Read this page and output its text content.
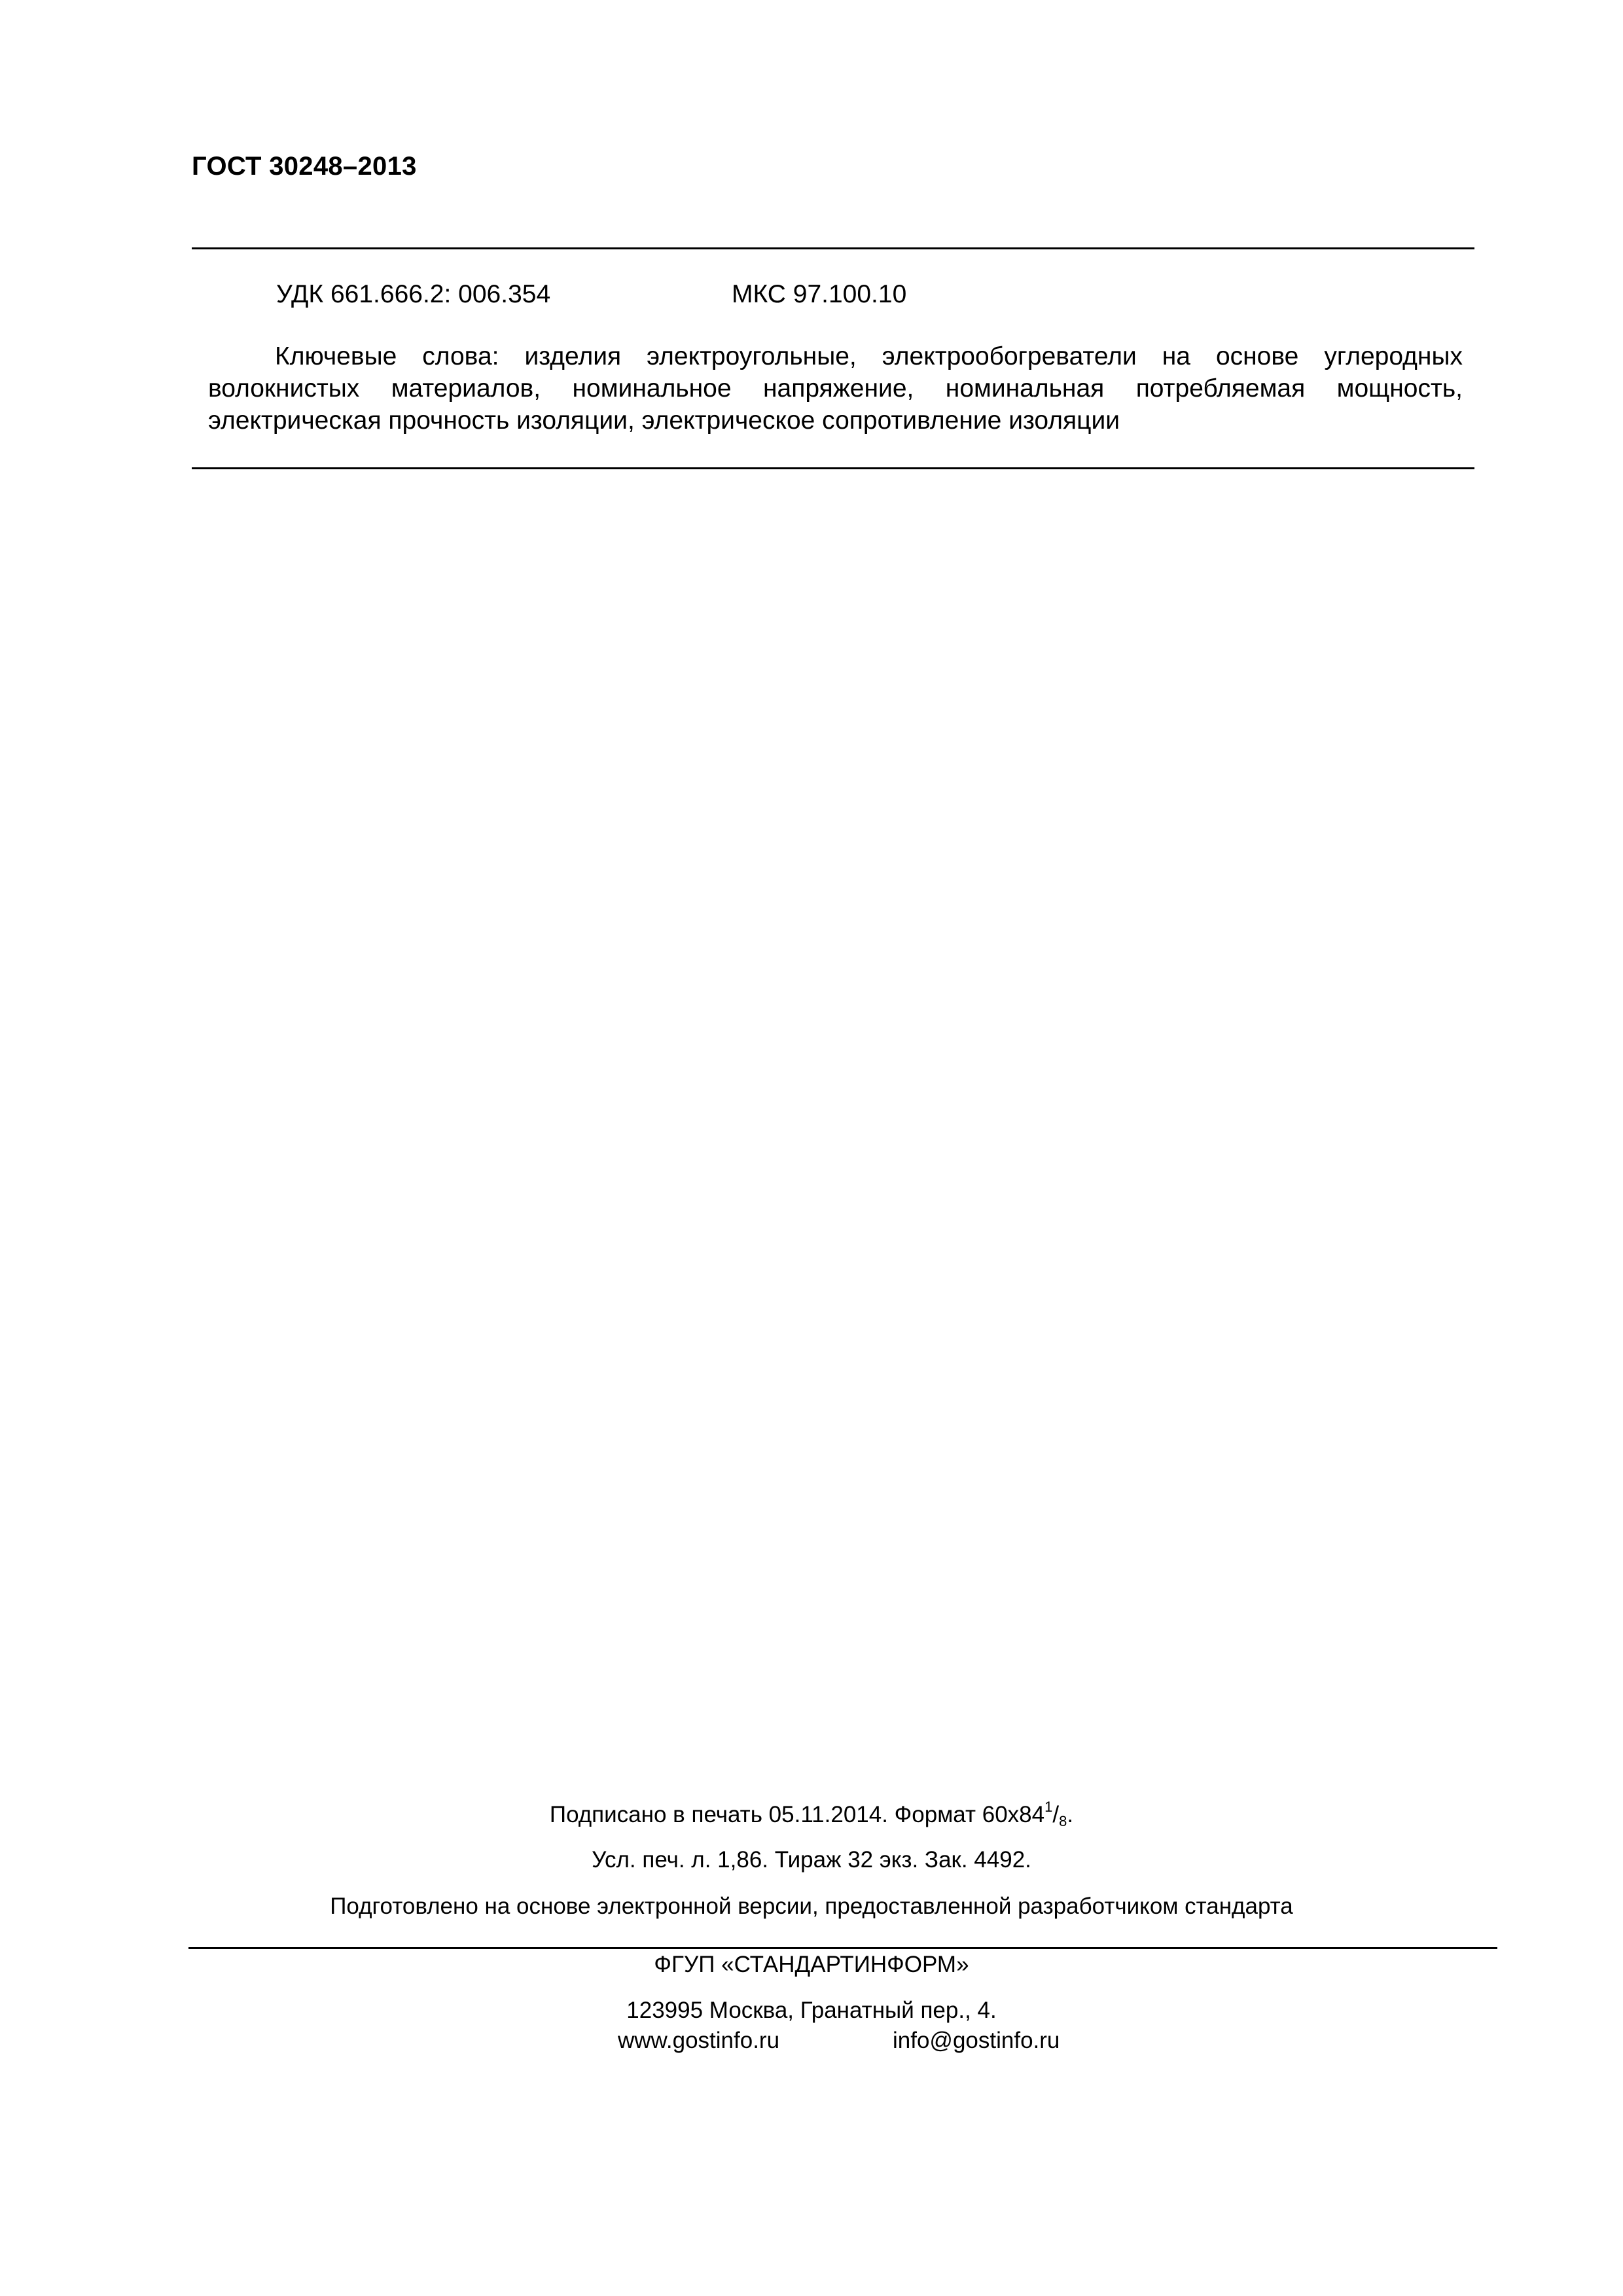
ГОСТ 30248–2013
УДК 661.666.2: 006.354	МКС 97.100.10
Ключевые слова: изделия электроугольные, электрообогреватели на основе углеродных волокнистых материалов, номинальное напряжение, номинальная потребляемая мощность, электрическая прочность изоляции, электрическое сопротивление изоляции
Подписано в печать 05.11.2014. Формат $60x84^1/_8$.
Усл. печ. л. 1,86. Тираж 32 экз. Зак. 4492.
Подготовлено на основе электронной версии, предоставленной разработчиком стандарта
ФГУП «СТАНДАРТИНФОРМ»
123995 Москва, Гранатный пер., 4.
www.gostinfo.ru	info@gostinfo.ru
